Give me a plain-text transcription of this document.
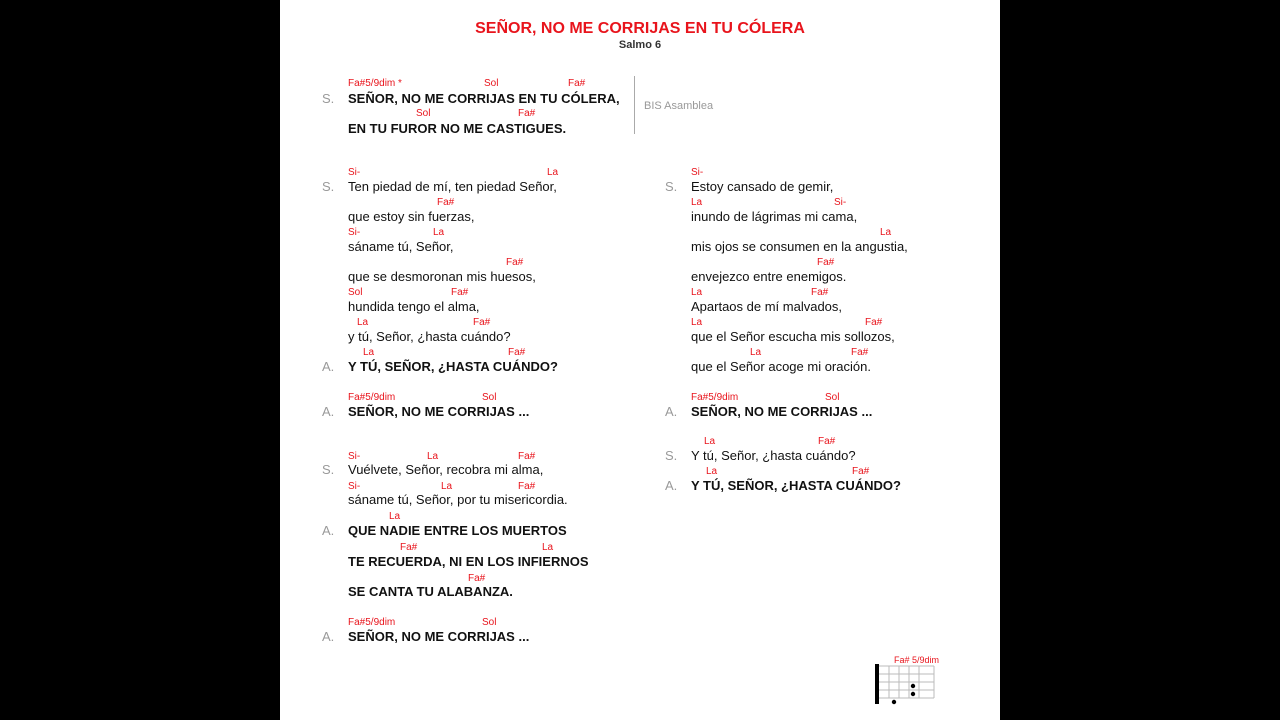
SEÑOR, NO ME CORRIJAS EN TU CÓLERA
Salmo 6
Fa#5/9dim *	Sol	Fa#
S. SEÑOR, NO ME CORRIJAS EN TU CÓLERA,
Sol	Fa#
EN TU FUROR NO ME CASTIGUES.
BIS Asamblea
Si-	La
S. Ten piedad de mí, ten piedad Señor,
Fa#
que estoy sin fuerzas,
Si-	La
sáname tú, Señor,
Fa#
que se desmoronan mis huesos,
Sol	Fa#
hundida tengo el alma,
La	Fa#
y tú, Señor, ¿hasta cuándo?
La	Fa#
A. Y TÚ, SEÑOR, ¿HASTA CUÁNDO?
Fa#5/9dim	Sol
A. SEÑOR, NO ME CORRIJAS ...
Si-	La	Fa#
S. Vuélvete, Señor, recobra mi alma,
Si-	La	Fa#
sáname tú, Señor, por tu misericordia.
La
A. QUE NADIE ENTRE LOS MUERTOS
Fa#	La
TE RECUERDA, NI EN LOS INFIERNOS
Fa#
SE CANTA TU ALABANZA.
Fa#5/9dim	Sol
A. SEÑOR, NO ME CORRIJAS ...
Si-
S. Estoy cansado de gemir,
La	Si-
inundo de lágrimas mi cama,
La
mis ojos se consumen en la angustia,
Fa#
envejezco entre enemigos.
La	Fa#
Apartaos de mí malvados,
La	Fa#
que el Señor escucha mis sollozos,
La	Fa#
que el Señor acoge mi oración.
Fa#5/9dim	Sol
A. SEÑOR, NO ME CORRIJAS ...
La	Fa#
S. Y tú, Señor, ¿hasta cuándo?
La	Fa#
A. Y TÚ, SEÑOR, ¿HASTA CUÁNDO?
Fa# 5/9dim
